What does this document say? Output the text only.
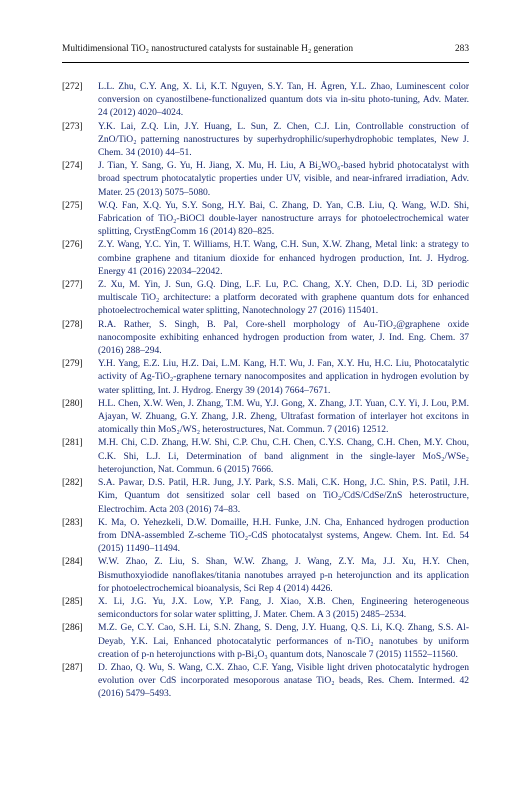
Multidimensional TiO₂ nanostructured catalysts for sustainable H₂ generation	283

[272] L.L. Zhu, C.Y. Ang, X. Li, K.T. Nguyen, S.Y. Tan, H. Ågren, Y.L. Zhao, Luminescent color conversion on cyanostilbene-functionalized quantum dots via in-situ photo-tuning, Adv. Mater. 24 (2012) 4020–4024.

[273] Y.K. Lai, Z.Q. Lin, J.Y. Huang, L. Sun, Z. Chen, C.J. Lin, Controllable construction of ZnO/TiO₂ patterning nanostructures by superhydrophilic/superhydrophobic templates, New J. Chem. 34 (2010) 44–51.

[274] J. Tian, Y. Sang, G. Yu, H. Jiang, X. Mu, H. Liu, A Bi₂WO₆-based hybrid photocatalyst with broad spectrum photocatalytic properties under UV, visible, and near-infrared irradiation, Adv. Mater. 25 (2013) 5075–5080.

[275] W.Q. Fan, X.Q. Yu, S.Y. Song, H.Y. Bai, C. Zhang, D. Yan, C.B. Liu, Q. Wang, W.D. Shi, Fabrication of TiO₂-BiOCl double-layer nanostructure arrays for photoelectrochemical water splitting, CrystEngComm 16 (2014) 820–825.

[276] Z.Y. Wang, Y.C. Yin, T. Williams, H.T. Wang, C.H. Sun, X.W. Zhang, Metal link: a strategy to combine graphene and titanium dioxide for enhanced hydrogen production, Int. J. Hydrog. Energy 41 (2016) 22034–22042.

[277] Z. Xu, M. Yin, J. Sun, G.Q. Ding, L.F. Lu, P.C. Chang, X.Y. Chen, D.D. Li, 3D periodic multiscale TiO₂ architecture: a platform decorated with graphene quantum dots for enhanced photoelectrochemical water splitting, Nanotechnology 27 (2016) 115401.

[278] R.A. Rather, S. Singh, B. Pal, Core-shell morphology of Au-TiO₂@graphene oxide nanocomposite exhibiting enhanced hydrogen production from water, J. Ind. Eng. Chem. 37 (2016) 288–294.

[279] Y.H. Yang, E.Z. Liu, H.Z. Dai, L.M. Kang, H.T. Wu, J. Fan, X.Y. Hu, H.C. Liu, Photocatalytic activity of Ag-TiO₂-graphene ternary nanocomposites and application in hydrogen evolution by water splitting, Int. J. Hydrog. Energy 39 (2014) 7664–7671.

[280] H.L. Chen, X.W. Wen, J. Zhang, T.M. Wu, Y.J. Gong, X. Zhang, J.T. Yuan, C.Y. Yi, J. Lou, P.M. Ajayan, W. Zhuang, G.Y. Zhang, J.R. Zheng, Ultrafast formation of interlayer hot excitons in atomically thin MoS₂/WS₂ heterostructures, Nat. Commun. 7 (2016) 12512.

[281] M.H. Chi, C.D. Zhang, H.W. Shi, C.P. Chu, C.H. Chen, C.Y.S. Chang, C.H. Chen, M.Y. Chou, C.K. Shi, L.J. Li, Determination of band alignment in the single-layer MoS₂/WSe₂ heterojunction, Nat. Commun. 6 (2015) 7666.

[282] S.A. Pawar, D.S. Patil, H.R. Jung, J.Y. Park, S.S. Mali, C.K. Hong, J.C. Shin, P.S. Patil, J.H. Kim, Quantum dot sensitized solar cell based on TiO₂/CdS/CdSe/ZnS heterostructure, Electrochim. Acta 203 (2016) 74–83.

[283] K. Ma, O. Yehezkeli, D.W. Domaille, H.H. Funke, J.N. Cha, Enhanced hydrogen production from DNA-assembled Z-scheme TiO₂-CdS photocatalyst systems, Angew. Chem. Int. Ed. 54 (2015) 11490–11494.

[284] W.W. Zhao, Z. Liu, S. Shan, W.W. Zhang, J. Wang, Z.Y. Ma, J.J. Xu, H.Y. Chen, Bismuthoxyiodide nanoflakes/titania nanotubes arrayed p-n heterojunction and its application for photoelectrochemical bioanalysis, Sci Rep 4 (2014) 4426.

[285] X. Li, J.G. Yu, J.X. Low, Y.P. Fang, J. Xiao, X.B. Chen, Engineering heterogeneous semiconductors for solar water splitting, J. Mater. Chem. A 3 (2015) 2485–2534.

[286] M.Z. Ge, C.Y. Cao, S.H. Li, S.N. Zhang, S. Deng, J.Y. Huang, Q.S. Li, K.Q. Zhang, S.S. Al-Deyab, Y.K. Lai, Enhanced photocatalytic performances of n-TiO₂ nanotubes by uniform creation of p-n heterojunctions with p-Bi₂O₃ quantum dots, Nanoscale 7 (2015) 11552–11560.

[287] D. Zhao, Q. Wu, S. Wang, C.X. Zhao, C.F. Yang, Visible light driven photocatalytic hydrogen evolution over CdS incorporated mesoporous anatase TiO₂ beads, Res. Chem. Intermed. 42 (2016) 5479–5493.
